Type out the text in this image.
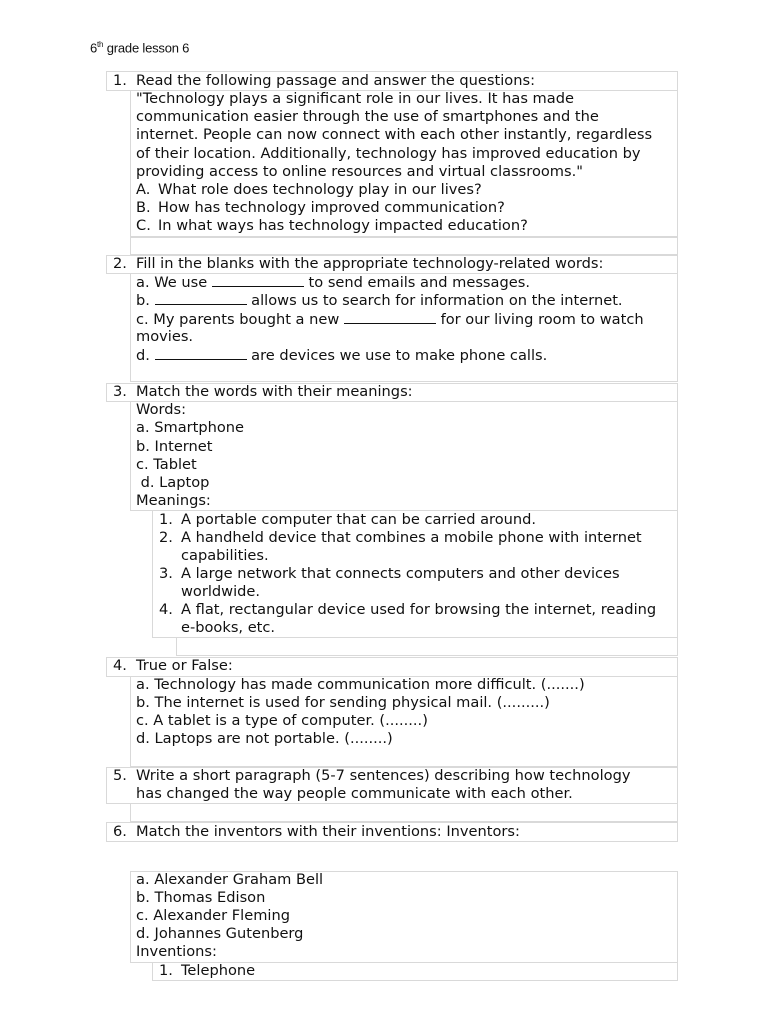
6th grade lesson 6
1. Read the following passage and answer the questions:
"Technology plays a significant role in our lives. It has made
communication easier through the use of smartphones and the
internet. People can now connect with each other instantly, regardless
of their location. Additionally, technology has improved education by
providing access to online resources and virtual classrooms."
A. What role does technology play in our lives?
B. How has technology improved communication?
C. In what ways has technology impacted education?
2. Fill in the blanks with the appropriate technology-related words:
a. We use	to send emails and messages.
b.	allows us to search for information on the internet.
c. My parents bought a new	for our living room to watch
movies.
d.	are devices we use to make phone calls.
3. Match the words with their meanings:
Words:
a. Smartphone
b. Internet
c. Tablet
d. Laptop
Meanings:
1. A portable computer that can be carried around.
2. A handheld device that combines a mobile phone with internet
capabilities.
3. A large network that connects computers and other devices
worldwide.
4. A flat, rectangular device used for browsing the internet, reading
e-books, etc.
4. True or False:
a. Technology has made communication more difficult. (.......)
b. The internet is used for sending physical mail. (.........)
c. A tablet is a type of computer. (........)
d. Laptops are not portable. (........)
5. Write a short paragraph (5-7 sentences) describing how technology
has changed the way people communicate with each other.
6. Match the inventors with their inventions: Inventors:
a. Alexander Graham Bell
b. Thomas Edison
c. Alexander Fleming
d. Johannes Gutenberg
Inventions:
1. Telephone
